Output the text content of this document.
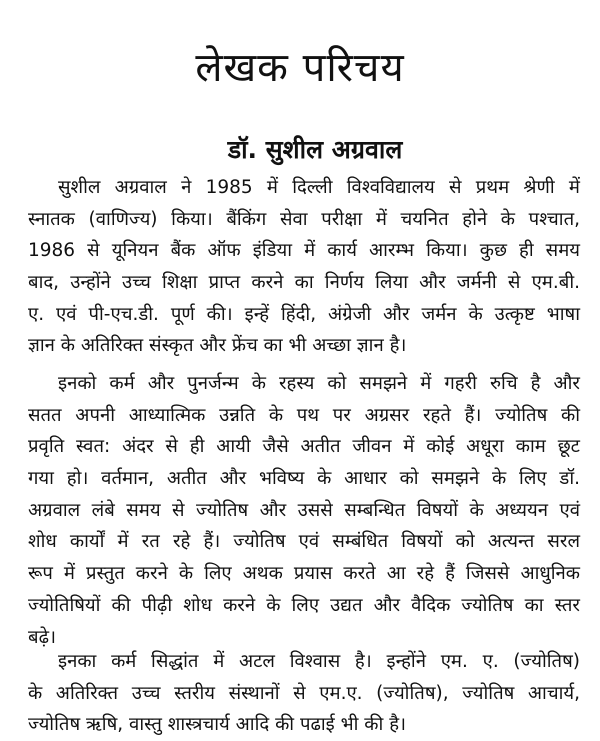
लेखक परिचय
डॉ. सुशील अग्रवाल
सुशील अग्रवाल ने 1985 में दिल्ली विश्वविद्यालय से प्रथम श्रेणी में
स्नातक (वाणिज्य) किया। बैंकिंग सेवा परीक्षा में चयनित होने के पश्चात,
1986 से यूनियन बैंक ऑफ इंडिया में कार्य आरम्भ किया। कुछ ही समय
बाद, उन्होंने उच्च शिक्षा प्राप्त करने का निर्णय लिया और जर्मनी से एम.बी.
ए. एवं पी-एच.डी. पूर्ण की। इन्हें हिंदी, अंग्रेजी और जर्मन के उत्कृष्ट भाषा
ज्ञान के अतिरिक्त संस्कृत और फ्रेंच का भी अच्छा ज्ञान है।
इनको कर्म और पुनर्जन्म के रहस्य को समझने में गहरी रुचि है और
सतत अपनी आध्यात्मिक उन्नति के पथ पर अग्रसर रहते हैं। ज्योतिष की
प्रवृति स्वत: अंदर से ही आयी जैसे अतीत जीवन में कोई अधूरा काम छूट
गया हो। वर्तमान, अतीत और भविष्य के आधार को समझने के लिए डॉ.
अग्रवाल लंबे समय से ज्योतिष और उससे सम्बन्धित विषयों के अध्ययन एवं
शोध कार्यों में रत रहे हैं। ज्योतिष एवं सम्बंधित विषयों को अत्यन्त सरल
रूप में प्रस्तुत करने के लिए अथक प्रयास करते आ रहे हैं जिससे आधुनिक
ज्योतिषियों की पीढ़ी शोध करने के लिए उद्यत और वैदिक ज्योतिष का स्तर
बढ़े।
इनका कर्म सिद्धांत में अटल विश्वास है। इन्होंने एम. ए. (ज्योतिष)
के अतिरिक्त उच्च स्तरीय संस्थानों से एम.ए. (ज्योतिष), ज्योतिष आचार्य,
ज्योतिष ऋषि, वास्तु शास्त्रचार्य आदि की पढाई भी की है।
